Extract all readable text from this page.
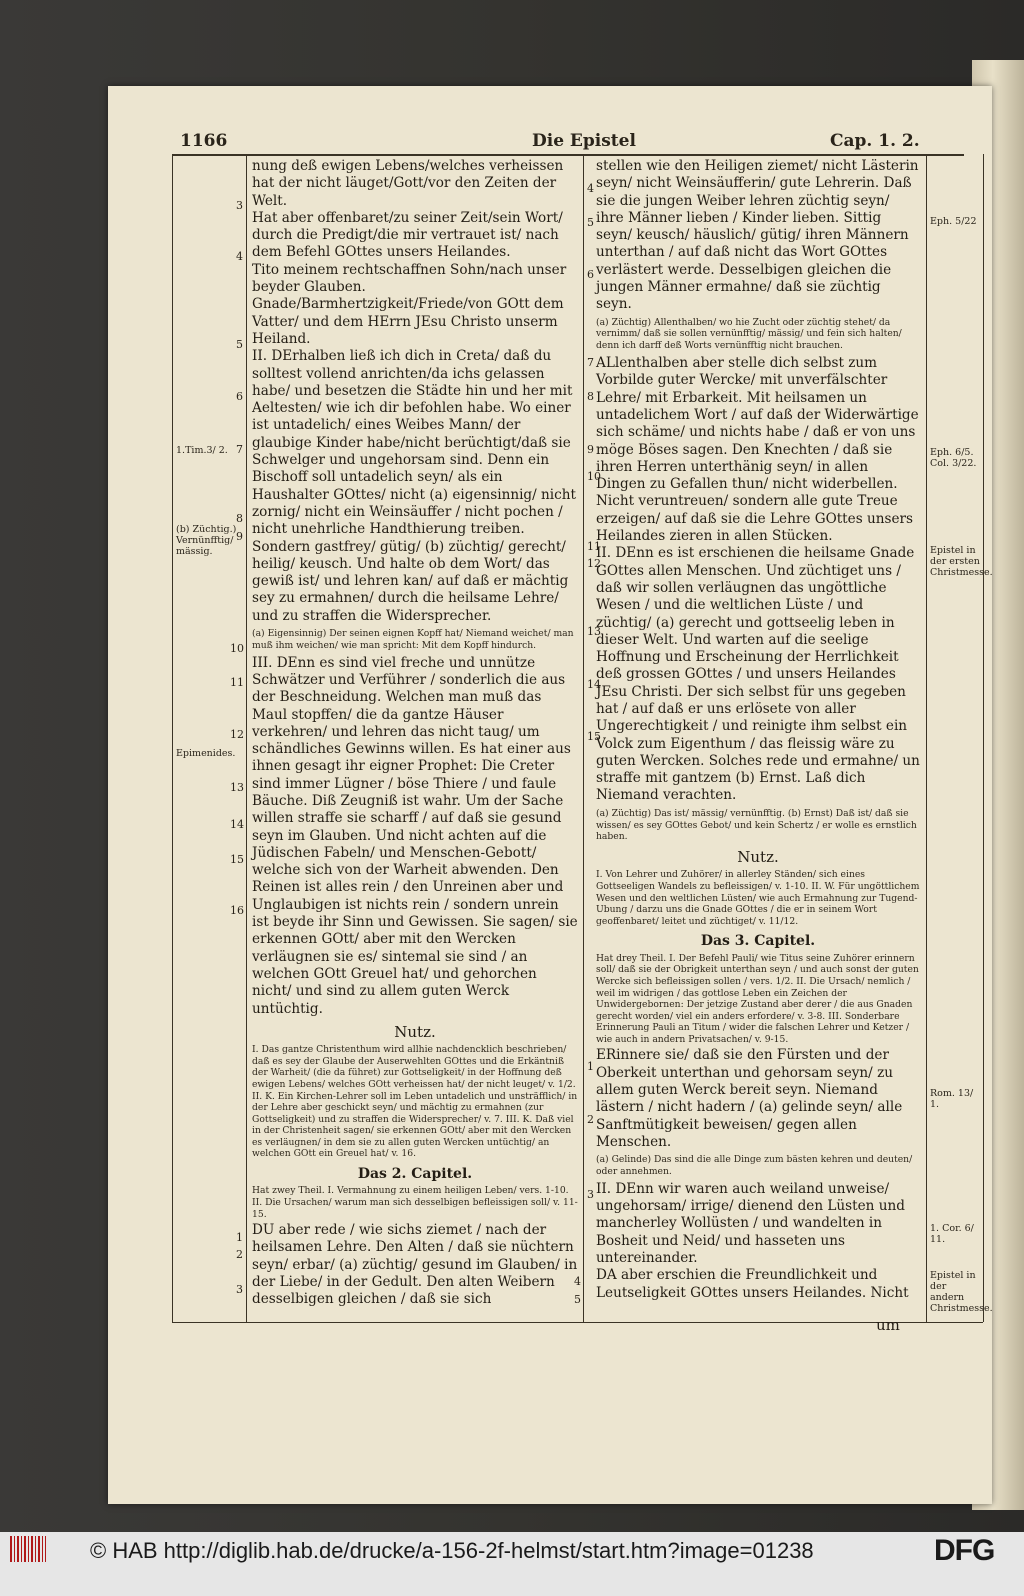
1166	Die Epistel	Cap. 1. 2.

nung deß ewigen Lebens/welches verheissen hat der nicht läuget/Gott/vor den Zeiten der Welt.

Hat aber offenbaret/zu seiner Zeit/sein Wort/ durch die Predigt/die mir vertrauet ist/ nach dem Befehl GOttes unsers Heilandes.

Tito meinem rechtschaffnen Sohn/nach unser beyder Glauben.

Gnade/Barmhertzigkeit/Friede/von GOtt dem Vatter/ und dem HErrn JEsu Christo unserm Heiland.

II. DErhalben ließ ich dich in Creta/ daß du solltest vollend anrichten/da ichs gelassen habe/ und besetzen die Städte hin und her mit Aeltesten/ wie ich dir befohlen habe. Wo einer ist untadelich/ eines Weibes Mann/ der glaubige Kinder habe/nicht berüchtigt/daß sie Schwelger und ungehorsam sind. Denn ein Bischoff soll untadelich seyn/ als ein Haushalter GOttes/ nicht (a) eigensinnig/ nicht zornig/ nicht ein Weinsäuffer / nicht pochen / nicht unehrliche Handthierung treiben. Sondern gastfrey/ gütig/ (b) züchtig/ gerecht/ heilig/ keusch. Und halte ob dem Wort/ das gewiß ist/ und lehren kan/ auf daß er mächtig sey zu ermahnen/ durch die heilsame Lehre/ und zu straffen die Widersprecher.

(a) Eigensinnig) Der seinen eignen Kopff hat/ Niemand weichet/ man muß ihm weichen/ wie man spricht: Mit dem Kopff hindurch.

III. DEnn es sind viel freche und unnütze Schwätzer und Verführer / sonderlich die aus der Beschneidung. Welchen man muß das Maul stopffen/ die da gantze Häuser verkehren/ und lehren das nicht taug/ um schändliches Gewinns willen. Es hat einer aus ihnen gesagt ihr eigner Prophet: Die Creter sind immer Lügner / böse Thiere / und faule Bäuche. Diß Zeugniß ist wahr. Um der Sache willen straffe sie scharff / auf daß sie gesund seyn im Glauben. Und nicht achten auf die Jüdischen Fabeln/ und Menschen-Gebott/ welche sich von der Warheit abwenden. Den Reinen ist alles rein / den Unreinen aber und Unglaubigen ist nichts rein / sondern unrein ist beyde ihr Sinn und Gewissen. Sie sagen/ sie erkennen GOtt/ aber mit den Wercken verläugnen sie es/ sintemal sie sind / an welchen GOtt Greuel hat/ und gehorchen nicht/ und sind zu allem guten Werck untüchtig.

Nutz.

I. Das gantze Christenthum wird allhie nachdencklich beschrieben/ daß es sey der Glaube der Auserwehlten GOttes und die Erkäntniß der Warheit/ (die da führet) zur Gottseligkeit/ in der Hoffnung deß ewigen Lebens/ welches GOtt verheissen hat/ der nicht leuget/ v. 1/2. II. K. Ein Kirchen-Lehrer soll im Leben untadelich und unsträfflich/ in der Lehre aber geschickt seyn/ und mächtig zu ermahnen (zur Gottseligkeit) und zu straffen die Widersprecher/ v. 7. III. K. Daß viel in der Christenheit sagen/ sie erkennen GOtt/ aber mit den Wercken es verläugnen/ in dem sie zu allen guten Wercken untüchtig/ an welchen GOtt ein Greuel hat/ v. 16.

Das 2. Capitel.

Hat zwey Theil. I. Vermahnung zu einem heiligen Leben/ vers. 1-10. II. Die Ursachen/ warum man sich desselbigen befleissigen soll/ v. 11-15.

DU aber rede / wie sichs ziemet / nach der heilsamen Lehre. Den Alten / daß sie nüchtern seyn/ erbar/ (a) züchtig/ gesund im Glauben/ in der Liebe/ in der Gedult. Den alten Weibern desselbigen gleichen / daß sie sich

stellen wie den Heiligen ziemet/ nicht Lästerin seyn/ nicht Weinsäufferin/ gute Lehrerin. Daß sie die jungen Weiber lehren züchtig seyn/ ihre Männer lieben / Kinder lieben. Sittig seyn/ keusch/ häuslich/ gütig/ ihren Männern unterthan / auf daß nicht das Wort GOttes verlästert werde. Desselbigen gleichen die jungen Männer ermahne/ daß sie züchtig seyn.

(a) Züchtig) Allenthalben/ wo hie Zucht oder züchtig stehet/ da vernimm/ daß sie sollen vernünfftig/ mässig/ und fein sich halten/ denn ich darff deß Worts vernünfftig nicht brauchen.

ALlenthalben aber stelle dich selbst zum Vorbilde guter Wercke/ mit unverfälschter Lehre/ mit Erbarkeit. Mit heilsamen un untadelichem Wort / auf daß der Widerwärtige sich schäme/ und nichts habe / daß er von uns möge Böses sagen. Den Knechten / daß sie ihren Herren unterthänig seyn/ in allen Dingen zu Gefallen thun/ nicht widerbellen. Nicht veruntreuen/ sondern alle gute Treue erzeigen/ auf daß sie die Lehre GOttes unsers Heilandes zieren in allen Stücken.

II. DEnn es ist erschienen die heilsame Gnade GOttes allen Menschen. Und züchtiget uns / daß wir sollen verläugnen das ungöttliche Wesen / und die weltlichen Lüste / und züchtig/ (a) gerecht und gottseelig leben in dieser Welt. Und warten auf die seelige Hoffnung und Erscheinung der Herrlichkeit deß grossen GOttes / und unsers Heilandes JEsu Christi. Der sich selbst für uns gegeben hat / auf daß er uns erlösete von aller Ungerechtigkeit / und reinigte ihm selbst ein Volck zum Eigenthum / das fleissig wäre zu guten Wercken. Solches rede und ermahne/ un straffe mit gantzem (b) Ernst. Laß dich Niemand verachten.

(a) Züchtig) Das ist/ mässig/ vernünfftig. (b) Ernst) Daß ist/ daß sie wissen/ es sey GOttes Gebot/ und kein Schertz / er wolle es ernstlich haben.

Nutz.

I. Von Lehrer und Zuhörer/ in allerley Ständen/ sich eines Gottseeligen Wandels zu befleissigen/ v. 1-10. II. W. Für ungöttlichem Wesen und den weltlichen Lüsten/ wie auch Ermahnung zur Tugend-Ubung / darzu uns die Gnade GOttes / die er in seinem Wort geoffenbaret/ leitet und züchtiget/ v. 11/12.

Das 3. Capitel.

Hat drey Theil. I. Der Befehl Pauli/ wie Titus seine Zuhörer erinnern soll/ daß sie der Obrigkeit unterthan seyn / und auch sonst der guten Wercke sich befleissigen sollen / vers. 1/2. II. Die Ursach/ nemlich / weil im widrigen / das gottlose Leben ein Zeichen der Unwidergebornen: Der jetzige Zustand aber derer / die aus Gnaden gerecht worden/ viel ein anders erfordere/ v. 3-8. III. Sonderbare Erinnerung Pauli an Titum / wider die falschen Lehrer und Ketzer / wie auch in andern Privatsachen/ v. 9-15.

ERinnere sie/ daß sie den Fürsten und der Oberkeit unterthan und gehorsam seyn/ zu allem guten Werck bereit seyn. Niemand lästern / nicht hadern / (a) gelinde seyn/ alle Sanftmütigkeit beweisen/ gegen allen Menschen.

(a) Gelinde) Das sind die alle Dinge zum bästen kehren und deuten/ oder annehmen.

II. DEnn wir waren auch weiland unweise/ ungehorsam/ irrige/ dienend den Lüsten und mancherley Wollüsten / und wandelten in Bosheit und Neid/ und hasseten uns untereinander.

DA aber erschien die Freundlichkeit und Leutseligkeit GOttes unsers Heilandes. Nicht

3
4
5
6
7
8
9
10
11
12
13
14
15
16
1
2
3
4
5
6
7
8
9
10
11
12
13
14
15
1
2
3
4
5
1.Tim.3/ 2.
(b) Züchtig.) Vernünfftig/ mässig.
Epimenides.
Eph. 5/22
Eph. 6/5. Col. 3/22.
Epistel in der ersten Christmesse.
Rom. 13/ 1.
1. Cor. 6/ 11.
Epistel in der andern Christmesse.
um
© HAB http://diglib.hab.de/drucke/a-156-2f-helmst/start.htm?image=01238	DFG
